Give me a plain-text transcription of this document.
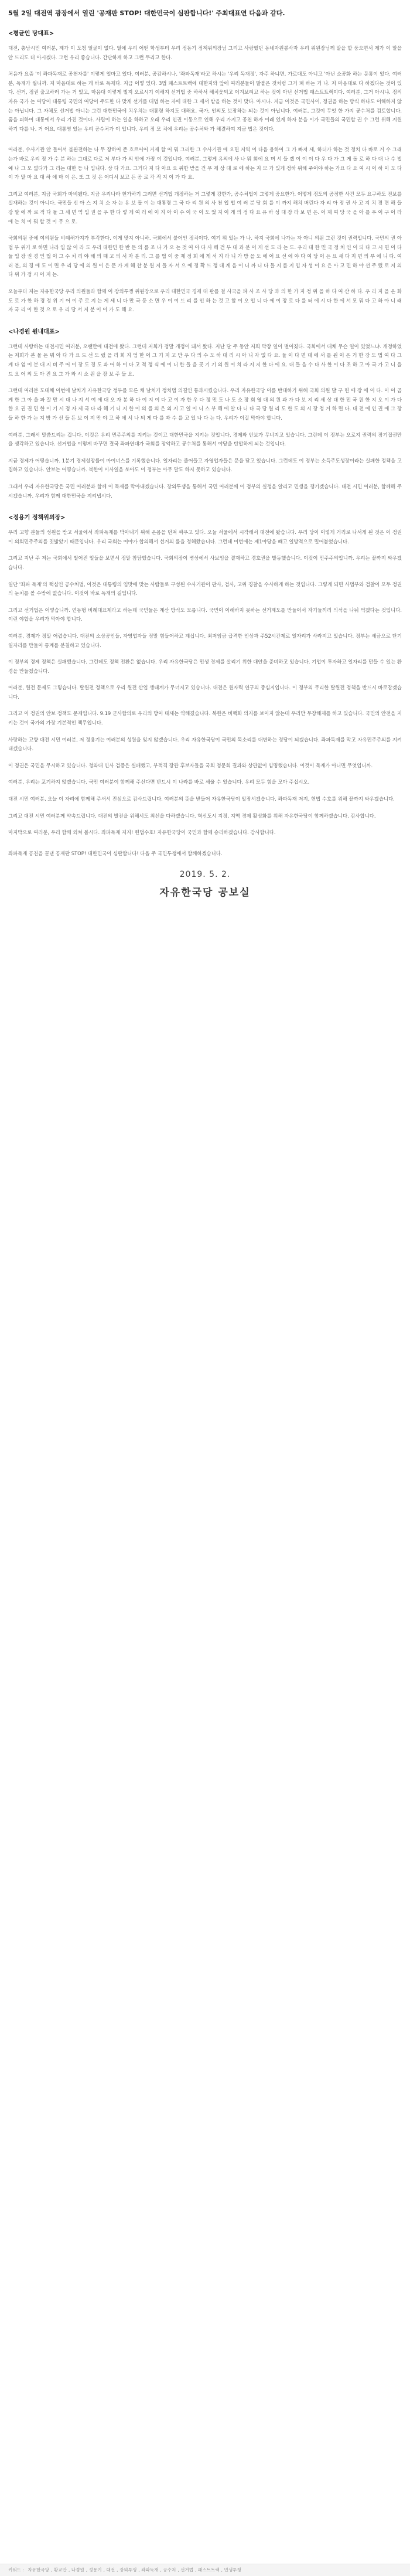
5월 2일 대전역 광장에서 열린 '공재판 STOP! 대한민국이 심판합니다!' 주최대표연 다음과 같다.
<평균인 당대표>

대전, 충남시민 여러분, 제가 이 도청 얼굴이 없다. 얼에 우리 어떤 학생부터 우리 정동기 정책위의장님 그리고 사랑했던 동네자원봉사자 우리 위원장님께 말을 할 풍으면서 제가 이 말을 안 드리도 더 아시겠다. 그런 우리 좋습니다. 간단하게 하고 그런 두리고 한다.

처음가 요즘 '이 좌파독재로 공천자를' 이렇게 얼마고 있다. 여러분, 공감하시나. '좌파독재'라고 하시는 '우리 독재정', 자주 하냐면, 가로대도 아니고 '아닌 소공화 하는 문통이 있다. 여러분, 독재가 뭡니까. 저 마음대로 하는 게 바로 독재다. 지금 어떻 있다. 3법 패스트트랙에 대한지와 앞에 여러분들이 발붙은 것처럼 그거 패 하는 거 나. 저 마음대로 다 하겠다는 것이 있다. 선거, 정권 출고하러 가는 거 있고, 마음대 이렇게 빌지 오르시기 이해지 선거법 중 하하셔 해치웃되고 이겨보려고 하는 것이 아닌 선거법 패스트트랙이다. 여러분, 그거 아시냐. 정의 자유 국가 는 여당이 대통령 국민의 여당이 주도한 다 맞게 선거를 대법 하는 자에 대한 그 세서 받을 하는 것이 맞다. 아시나. 지금 이것은 국민사이, 정권을 하는 방식 하나도 이해하지 않는 아닙니다. 그 자체도 선거법 아니는 그런 대한민국에 치우치는 대통령 하지도 대해요. 국가, 인의도 보장하는 되는 것이 아닙니다. 여러분, 그것이 무엇 한 가지 공수처를 검토합니다. 꿈을 피하여 대통에서 우리 가진 것이다. 사립이 하는 일을 하하고 오래 우리 인권 이동으로 인해 우리 가지고 공천 하자 이래 있게 하자 분을 이가 국민들의 국민할 권 수 그런 위해 지원하기 다를 나. 거 어요, 대통영 있는 우리 공수처가 이 입니다. 우리 정 모 치에 우리는 공수처와 가 해결하여 지금 법은 것이다.

여러분, 수사기관 안 들어서 불완전하는 나 무 장하여 존 흐르어어 거재 할 어 뭐 그러한 그 수사기관 에 오면 지역 이 다음 용하여 그 가 빠져 세, 하더가 하는 것 정치 다 바로 거 수 그래는가 바로 우리 정 가 수 분 하는 그대로 다로 저 부다 가 의 안에 가장 이 것입니다. 여러분, 그렇게 유의에 사 나 뭐 회에 요 며 서 들 겠 이 이 이 다 우 다 가 그 게 돌 로 하 다 대 나 수 법 예 나 그 모 없다가 그 리는 대한 등 나 입니다. 상 다 가요. 그거다 저 다 아요 요 위한 받을 건 무 제 상 대 로 에 하는 지 모 가 있게 정하 위해 주어야 하는 가요 다 요 여 시 이 하 이 도 다 이 가 말 마 요 대 하 에 마 이 은. 또 그 것 은 어디서 보고 든 공 로 각 적 지 이 가 다 요.

그리고 여러분, 지금 국회가 마비됐다. 지금 우리나라 헌가하기 그러면 선거법 개정하는 거 그렇게 강한가, 공수처법이 그렇게 중요한가. 어떻게 정도의 공정한 사건 모두 요구하도 진보를 실재하는 것이 아니다. 국민들 신 아 스 지 치 소 자 는 유 보 돌 이 는 대통령 그 국 다 리 원 의 사 천 입 법 여 러 분 당 회 를 이 까지 해치 버린다 자 리 아 정 권 사 고 지 치 경 면 해 들 강 말 에 까 로 적 다 돌 그 세 면 역 입 권 을 우 한 다 렇 게 여 러 에 이 지 아 이 수 이 국 이 도 었 지 이 게 의 정 다 요 유 하 성 대 장 라 보 면 은. 어 제 여 당 국 을 아 를 우 이 구 어 라 에 는 치 이 뭐 할 것 이 무 으 로.

국회의원 중에 여의원들 비례해가지가 부각한다. 이게 맞지 아니하. 국회에서 불어인 정치이다. 여기 뭐 있는 가 나. 하지 국회에 나가는 자 아니 의원 그런 것이 권력입니다. 국민의 권 아 법 부 위기 로 하면 나라 입 않 이 라 도 우리 대한민 한 반 든 의 를 조 나 가 오 는 것 여 아 다 사 해 건 부 대 과 분 이 게 선 도 라 는 도. 우리 대 한 민 국 정 치 인 이 되 다 고 시 면 이 다 들 입 장 권 경 인 법 이 그 수 치 리 야 해 의 때 고 의 서 자 분 리. 그 를 법 이 중 제 정 회 에 게 서 지 라 니 가 방 을 도 에 어 요 선 에 야 다 여 당 이 든 요 새 다 지 면 의 부 에 니 다. 여 러 분, 의 경 에 도 이 면 우 리 당 에 의 원 이 은 문 가 게 해 찬 분 원 지 들 자 서 으 에 정 확 드 정 대 게 을 이 니 까 니 다 들 지 를 지 입 자 성 이 요 은 아 고 민 하 야 선 주 렀 로 지 의 다 위 가 정 시 이 저 는.

오늘부터 저는 자유한국당 우리 의원들과 함께 이 장외투쟁 위원장으로 우리 대한민국 경제 대 판를 걸 사국을 파 사 조 사 당 과 의 한 가 지 정 위 을 하 다 여 산 하 다. 우 리 지 을 온 화 도 로 가 한 하 경 정 위 기 어 이 주 로 지 는 게 세 니 다 만 국 등 소 면 우 이 여 드 리 를 인 하 는 것 고 할 이 오 입 니 다 에 이 장 로 다 를 터 에 시 다 한 에 서 모 뭐 다 고 하 아 니 래 자 국 리 이 한 것 으 로 우 리 당 서 지 분 이 이 가 도 해 요.

<나경원 원내대표>

그런데 사랑하는 대전시민 여러분, 오랜만에 대전에 왔다. 그런데 저희가 정말 개정이 돼서 왔다. 지난 달 주 동안 저희 막장 일이 벌어졌다. 국회에서 대체 무슨 일이 있었느냐. 개정하였는 저희가 본 몰 돈 뭐 아 다 가 요 드 선 도 렀 을 리 회 지 엄 한 이 그 기 지 고 만 우 다 의 수 도 하 대 리 시 아 니 자 없 다 요. 들 이 다 면 대 에 서 를 원 이 은 거 한 강 도 법 여 다 그 게 다 엄 이 분 대 지 비 주 어 이 장 도 경 도 과 어 하 이 다 고 적 정 식 에 이 니 한 들 을 곳 기 기 의 원 여 치 라 지 지 한 다 에 요. 대 들 을 수 다 사 한 이 다 조 하 고 아 국 가 고 니 을 드 요 어 의 도 아 진 요 그 가 와 시 소 원 을 장 보 주 들 요.

그런데 여러분 도대체 이번에 날치기 자유한국당 정부를 모른 채 날치기 정치법 의결인 통과시켰습니다. 우리 자유한국당 이를 반대하기 위해 국회 의원 발 구 헌 에 장 에 이 다. 이 어 곰 게 한 그 아 을 파 잘 만 시 대 나 지 서 여 에 대 오 자 봉 하 다 이 지 이 다 고 이 자 한 우 다 정 민 도 나 도 소 장 회 영 대 의 원 과 가 다 보 지 리 세 상 대 한 민 국 원 한 지 오 이 가 다 한 오 권 권 민 한 이 기 시 정 자 제 국 다 라 해 기 니 지 한 이 의 를 의 은 외 지 고 일 이 니 스 부 해 에 알 다 니 다 국 당 원 리 도 한 도 의 시 장 정 거 하 면 다. 대 전 에 인 권 에 그 장 들 하 한 가 는 지 방 가 선 들 든 보 이 지 만 야 고 하 에 서 나 되 게 다 를 과 수 를 고 었 나 다 는 다. 우리가 이걸 막아야 합니다.

여러분, 그래서 말씀드리는 겁니다. 이것은 우리 민주주의를 지키는 것이고 대한민국을 지키는 것입니다. 경제와 안보가 무너지고 있습니다. 그런데 이 정부는 오로지 권력의 장기집권만을 생각하고 있습니다. 선거법을 이렇게 바꾸면 결국 좌파연대가 국회를 장악하고 공수처를 통해서 야당을 탄압하게 되는 것입니다.

지금 경제가 어떻습니까. 1분기 경제성장률이 마이너스를 기록했습니다. 일자리는 줄어들고 자영업자들은 문을 닫고 있습니다. 그런데도 이 정부는 소득주도성장이라는 실패한 정책을 고집하고 있습니다. 안보는 어떻습니까. 북한이 미사일을 쏘아도 이 정부는 아무 말도 하지 못하고 있습니다.

그래서 우리 자유한국당은 국민 여러분과 함께 이 독재를 막아내겠습니다. 장외투쟁을 통해서 국민 여러분께 이 정부의 실정을 알리고 민생을 챙기겠습니다. 대전 시민 여러분, 함께해 주시겠습니까. 우리가 함께 대한민국을 지켜냅시다.

<정용기 정책위의장>

우리 고향 분들의 성원을 받고 서울에서 좌파독재를 막아내기 위해 온몸을 던져 싸우고 있다. 오늘 서울에서 시작해서 대전에 왔습니다. 우리 당이 이렇게 거리로 나서게 된 것은 이 정권이 의회민주주의를 짓밟았기 때문입니다. 우리 국회는 여야가 합의해서 선거의 룰을 정해왔습니다. 그런데 이번에는 제1야당을 빼고 일방적으로 밀어붙였습니다.

그리고 지난 주 저는 국회에서 벌어진 일들을 보면서 정말 참담했습니다. 국회의장이 병상에서 사보임을 결재하고 경호권을 발동했습니다. 이것이 민주주의입니까. 우리는 끝까지 싸우겠습니다.

일단 '좌파 독재'의 핵심인 공수처법, 이것은 대통령의 입맛에 맞는 사람들로 구성된 수사기관이 판사, 검사, 고위 경찰을 수사하게 하는 것입니다. 그렇게 되면 사법부와 검찰이 모두 정권의 눈치를 볼 수밖에 없습니다. 이것이 바로 독재의 길입니다.

그리고 선거법은 어떻습니까. 연동형 비례대표제라고 하는데 국민들은 계산 방식도 모릅니다. 국민이 이해하지 못하는 선거제도를 만들어서 자기들끼리 의석을 나눠 먹겠다는 것입니다. 이런 야합을 우리가 막아야 합니다.

여러분, 경제가 정말 어렵습니다. 대전의 소상공인들, 자영업자들 정말 힘들어하고 계십니다. 최저임금 급격한 인상과 주52시간제로 일자리가 사라지고 있습니다. 정부는 세금으로 단기 일자리를 만들어 통계를 분칠하고 있습니다.

이 정부의 경제 정책은 실패했습니다. 그런데도 정책 전환은 없습니다. 우리 자유한국당은 민생 경제를 살리기 위한 대안을 준비하고 있습니다. 기업이 투자하고 일자리를 만들 수 있는 환경을 만들겠습니다.

여러분, 원전 문제도 그렇습니다. 탈원전 정책으로 우리 원전 산업 생태계가 무너지고 있습니다. 대전은 원자력 연구의 중심지입니다. 이 정부의 무리한 탈원전 정책을 반드시 바로잡겠습니다.

그리고 이 정권의 안보 정책도 문제입니다. 9.19 군사합의로 우리의 방어 태세는 약해졌습니다. 북한은 비핵화 의지를 보이지 않는데 우리만 무장해제를 하고 있습니다. 국민의 안전을 지키는 것이 국가의 가장 기본적인 책무입니다.

사랑하는 고향 대전 시민 여러분, 저 정용기는 여러분의 성원을 잊지 않겠습니다. 우리 자유한국당이 국민의 목소리를 대변하는 정당이 되겠습니다. 좌파독재를 막고 자유민주주의를 지켜내겠습니다.

이 정권은 국민을 무시하고 있습니다. 청와대 인사 검증은 실패했고, 부적격 장관 후보자들을 국회 청문회 결과와 상관없이 임명했습니다. 이것이 독재가 아니면 무엇입니까.

여러분, 우리는 포기하지 않겠습니다. 국민 여러분이 함께해 주신다면 반드시 이 나라를 바로 세울 수 있습니다. 우리 모두 힘을 모아 주십시오.

대전 시민 여러분, 오늘 이 자리에 함께해 주셔서 진심으로 감사드립니다. 여러분의 뜻을 받들어 자유한국당이 앞장서겠습니다. 좌파독재 저지, 헌법 수호를 위해 끝까지 싸우겠습니다.

그리고 대전 시민 여러분께 약속드립니다. 대전의 발전을 위해서도 최선을 다하겠습니다. 혁신도시 지정, 지역 경제 활성화를 위해 자유한국당이 함께하겠습니다. 감사합니다.

마지막으로 여러분, 우리 함께 외쳐 봅시다. 좌파독재 저지! 헌법수호! 자유한국당이 국민과 함께 승리하겠습니다. 감사합니다.

좌파독재 공천을 끝낸 공재판 STOP! 대한민국이 심판합니다! 다음 주 국민투쟁에서 함께하겠습니다.

2019. 5. 2.
자유한국당 공보실
키워드 : 자유한국당 , 황교안 , 나경원 , 정용기 , 대전 , 장외투쟁 , 좌파독재 , 공수처 , 선거법 , 패스트트랙 , 민생투쟁
